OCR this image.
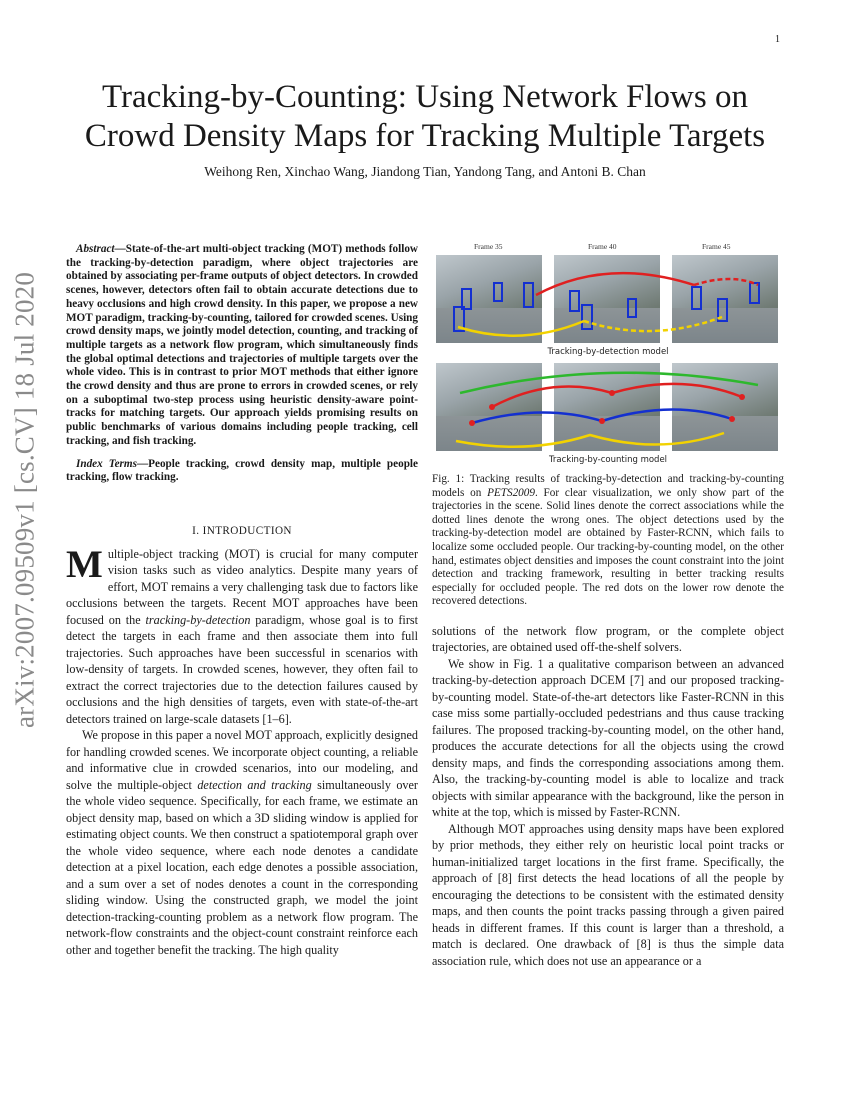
1
arXiv:2007.09509v1 [cs.CV] 18 Jul 2020
Tracking-by-Counting: Using Network Flows on Crowd Density Maps for Tracking Multiple Targets
Weihong Ren, Xinchao Wang, Jiandong Tian, Yandong Tang, and Antoni B. Chan

Abstract—State-of-the-art multi-object tracking (MOT) methods follow the tracking-by-detection paradigm, where object trajectories are obtained by associating per-frame outputs of object detectors. In crowded scenes, however, detectors often fail to obtain accurate detections due to heavy occlusions and high crowd density. In this paper, we propose a new MOT paradigm, tracking-by-counting, tailored for crowded scenes. Using crowd density maps, we jointly model detection, counting, and tracking of multiple targets as a network flow program, which simultaneously finds the global optimal detections and trajectories of multiple targets over the whole video. This is in contrast to prior MOT methods that either ignore the crowd density and thus are prone to errors in crowded scenes, or rely on a suboptimal two-step process using heuristic density-aware point-tracks for matching targets. Our approach yields promising results on public benchmarks of various domains including people tracking, cell tracking, and fish tracking.

Index Terms—People tracking, crowd density map, multiple people tracking, flow tracking.

I. INTRODUCTION

Multiple-object tracking (MOT) is crucial for many computer vision tasks such as video analytics. Despite many years of effort, MOT remains a very challenging task due to factors like occlusions between the targets. Recent MOT approaches have been focused on the tracking-by-detection paradigm, whose goal is to first detect the targets in each frame and then associate them into full trajectories. Such approaches have been successful in scenarios with low-density of targets. In crowded scenes, however, they often fail to extract the correct trajectories due to the detection failures caused by occlusions and the high densities of targets, even with state-of-the-art detectors trained on large-scale datasets [1–6].

We propose in this paper a novel MOT approach, explicitly designed for handling crowded scenes. We incorporate object counting, a reliable and informative clue in crowded scenarios, into our modeling, and solve the multiple-object detection and tracking simultaneously over the whole video sequence. Specifically, for each frame, we estimate an object density map, based on which a 3D sliding window is applied for estimating object counts. We then construct a spatiotemporal graph over the whole video sequence, where each node denotes a candidate detection at a pixel location, each edge denotes a possible association, and a sum over a set of nodes denotes a count in the corresponding sliding window. Using the constructed graph, we model the joint detection-tracking-counting problem as a network flow program. The network-flow constraints and the object-count constraint reinforce each other and together benefit the tracking. The high quality

Frame 35	Frame 40	Frame 45
Tracking-by-detection model
Tracking-by-counting model

Fig. 1: Tracking results of tracking-by-detection and tracking-by-counting models on PETS2009. For clear visualization, we only show part of the trajectories in the scene. Solid lines denote the correct associations while the dotted lines denote the wrong ones. The object detections used by the tracking-by-detection model are obtained by Faster-RCNN, which fails to localize some occluded people. Our tracking-by-counting model, on the other hand, estimates object densities and imposes the count constraint into the joint detection and tracking framework, resulting in better tracking results especially for occluded people. The red dots on the lower row denote the recovered detections.

solutions of the network flow program, or the complete object trajectories, are obtained used off-the-shelf solvers.

We show in Fig. 1 a qualitative comparison between an advanced tracking-by-detection approach DCEM [7] and our proposed tracking-by-counting model. State-of-the-art detectors like Faster-RCNN in this case miss some partially-occluded pedestrians and thus cause tracking failures. The proposed tracking-by-counting model, on the other hand, produces the accurate detections for all the objects using the crowd density maps, and finds the corresponding associations among them. Also, the tracking-by-counting model is able to localize and track objects with similar appearance with the background, like the person in white at the top, which is missed by Faster-RCNN.

Although MOT approaches using density maps have been explored by prior methods, they either rely on heuristic local point tracks or human-initialized target locations in the first frame. Specifically, the approach of [8] first detects the head locations of all the people by encouraging the detections to be consistent with the estimated density maps, and then counts the point tracks passing through a given paired heads in different frames. If this count is larger than a threshold, a match is declared. One drawback of [8] is thus the simple data association rule, which does not use an appearance or a
